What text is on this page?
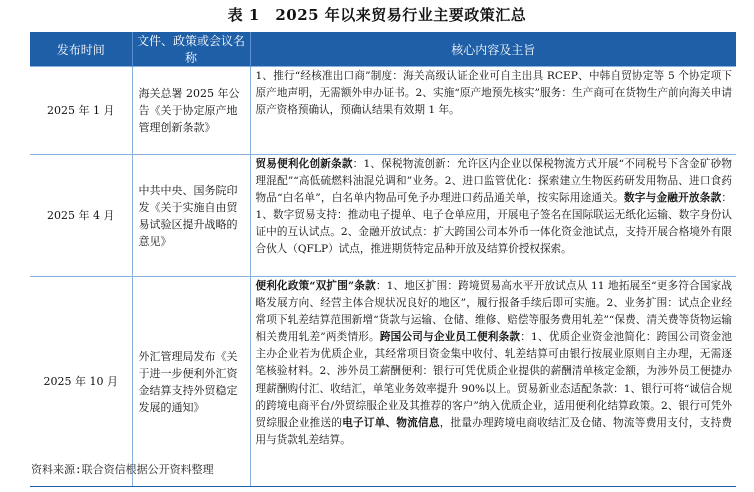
表 1　2025 年以来贸易行业主要政策汇总
发布时间	文件、政策或会议名称	核心内容及主旨
2025 年 1 月	海关总署 2025 年公告《关于协定原产地管理创新条款》	1、推行“经核准出口商”制度：海关高级认证企业可自主出具 RCEP、中韩自贸协定等 5 个协定项下原产地声明，无需额外申办证书。2、实施“原产地预先核实”服务：生产商可在货物生产前向海关申请原产资格预确认，预确认结果有效期 1 年。
2025 年 4 月	中共中央、国务院印发《关于实施自由贸易试验区提升战略的意见》	贸易便利化创新条款：1、保税物流创新：允许区内企业以保税物流方式开展“不同税号下含金矿砂物理混配”“高低硫燃料油混兑调和”业务。2、进口监管优化：探索建立生物医药研发用物品、进口食药物品“白名单”，白名单内物品可免予办理进口药品通关单，按实际用途通关。数字与金融开放条款：1、数字贸易支持：推动电子提单、电子仓单应用，开展电子签名在国际联运无纸化运输、数字身份认证中的互认试点。2、金融开放试点：扩大跨国公司本外币一体化资金池试点，支持开展合格境外有限合伙人（QFLP）试点，推进期货特定品种开放及结算价授权探索。
2025 年 10 月	外汇管理局发布《关于进一步便利外汇资金结算支持外贸稳定发展的通知》	便利化政策“双扩围”条款：1、地区扩围：跨境贸易高水平开放试点从 11 地拓展至“更多符合国家战略发展方向、经营主体合规状况良好的地区”，履行报备手续后即可实施。2、业务扩围：试点企业经常项下轧差结算范围新增“货款与运输、仓储、维修、赔偿等服务费用轧差”“保费、清关费等货物运输相关费用轧差”两类情形。跨国公司与企业员工便利条款：1、优质企业资金池简化：跨国公司资金池主办企业若为优质企业，其经常项目资金集中收付、轧差结算可由银行按展业原则自主办理，无需逐笔核验材料。2、涉外员工薪酬便利：银行可凭优质企业提供的薪酬清单核定金额，为涉外员工便捷办理薪酬购付汇、收结汇，单笔业务效率提升 90%以上。贸易新业态适配条款：1、银行可将“诚信合规的跨境电商平台/外贸综服企业及其推荐的客户”纳入优质企业，适用便利化结算政策。2、银行可凭外贸综服企业推送的电子订单、物流信息，批量办理跨境电商收结汇及仓储、物流等费用支付，支持费用与货款轧差结算。
资料来源:联合资信根据公开资料整理
